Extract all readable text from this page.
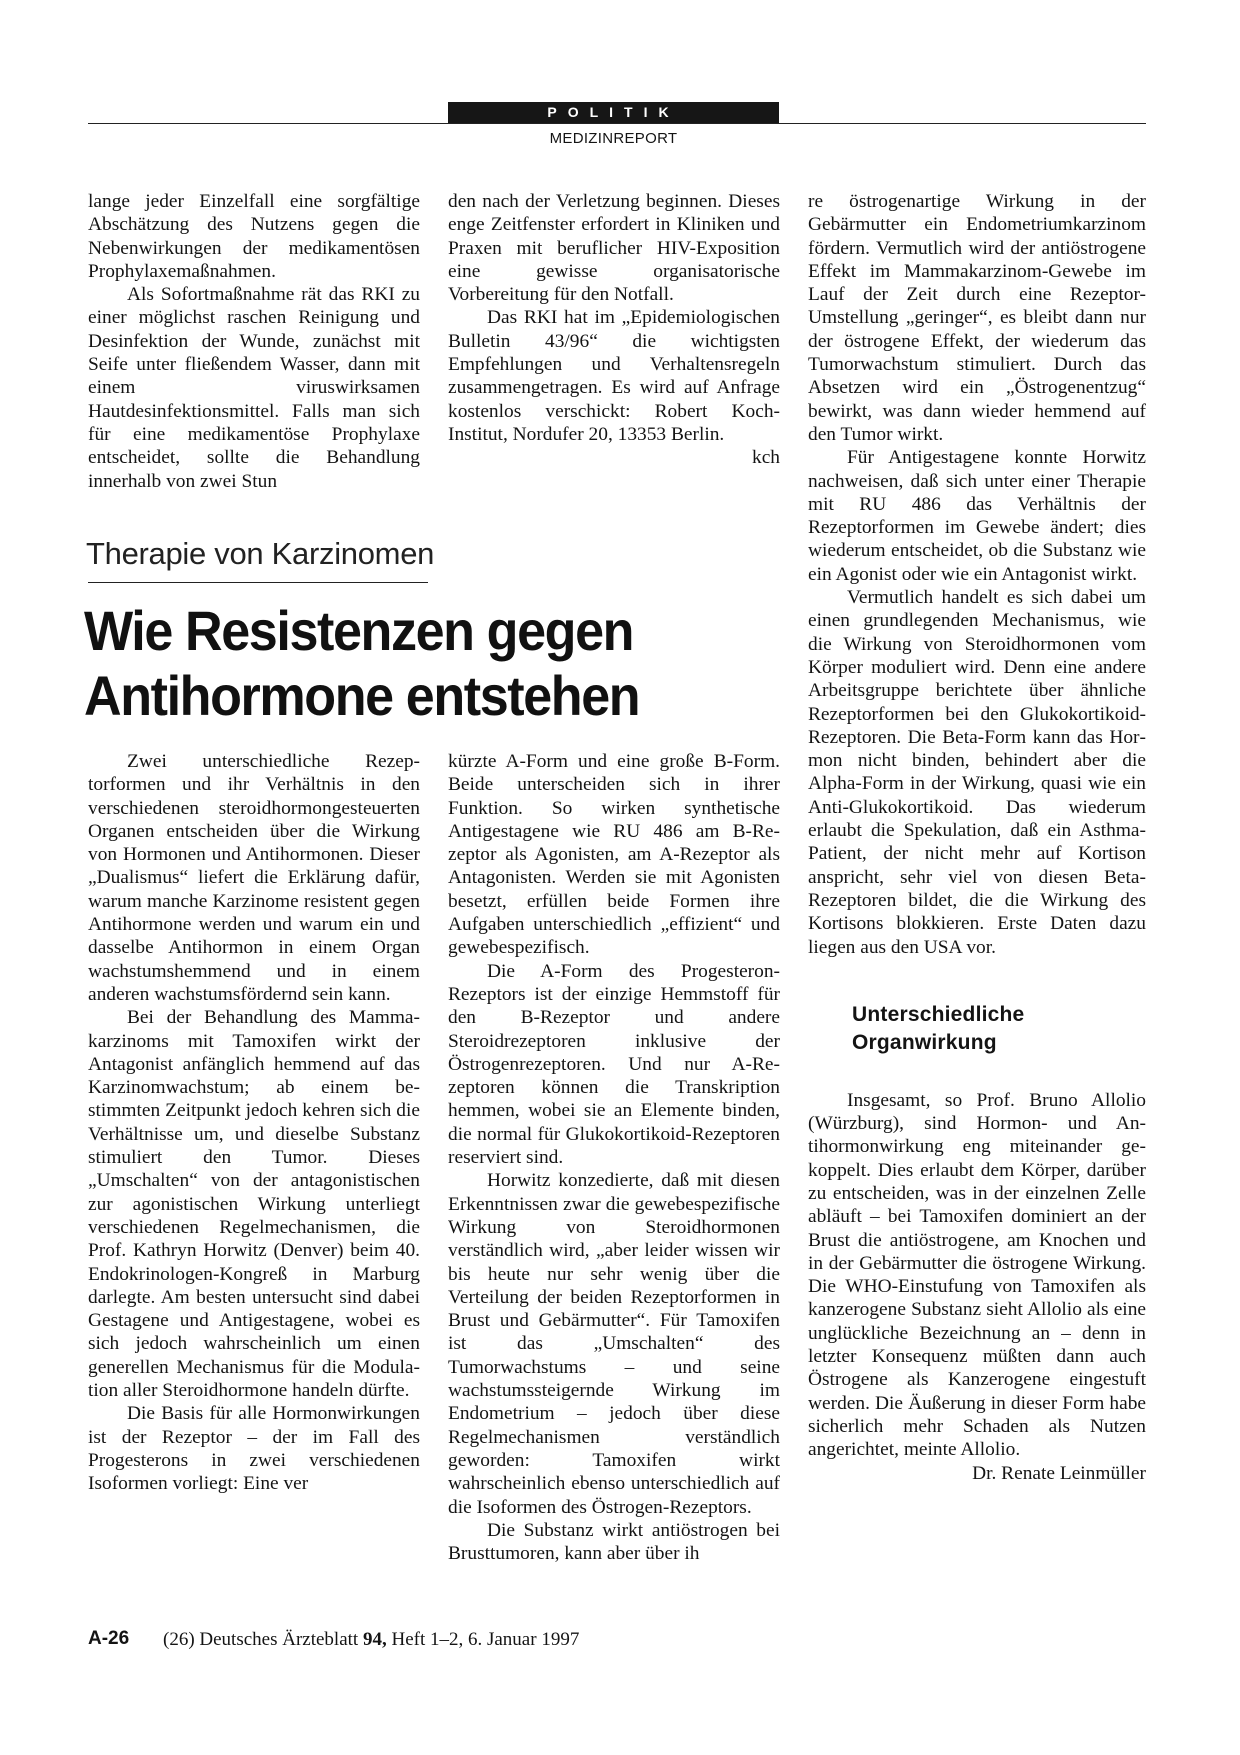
POLITIK
MEDIZINREPORT

lange jeder Einzelfall eine sorgfältige Abschätzung des Nutzens gegen die Nebenwirkungen der medikamentösen Prophylaxemaßnahmen.

Als Sofortmaßnahme rät das RKI zu einer möglichst raschen Reinigung und Desinfektion der Wunde, zunächst mit Seife unter fließendem Wasser, dann mit einem viruswirksamen Hautdesinfektionsmittel. Falls man sich für eine medikamentöse Prophylaxe entscheidet, sollte die Behandlung innerhalb von zwei Stun

den nach der Verletzung beginnen. Dieses enge Zeitfenster erfordert in Kliniken und Praxen mit beruflicher HIV-Exposition eine gewisse organisatorische Vorbereitung für den Notfall.

Das RKI hat im „Epidemiologischen Bulletin 43/96“ die wichtigsten Empfehlungen und Verhaltensregeln zusammengetragen. Es wird auf Anfrage kostenlos verschickt: Robert Koch-Institut, Nordufer 20, 13353 Berlin.
kch

Therapie von Karzinomen
Wie Resistenzen gegen
Antihormone entstehen

Zwei unterschiedliche Rezeptorformen und ihr Verhältnis in den verschiedenen steroidhormongesteuerten Organen entscheiden über die Wirkung von Hormonen und Antihormonen. Dieser „Dualismus“ liefert die Erklärung dafür, warum manche Karzinome resistent gegen Antihormone werden und warum ein und dasselbe Antihormon in einem Organ wachstumshemmend und in einem anderen wachstumsfördernd sein kann.

Bei der Behandlung des Mammakarzinoms mit Tamoxifen wirkt der Antagonist anfänglich hemmend auf das Karzinomwachstum; ab einem bestimmten Zeitpunkt jedoch kehren sich die Verhältnisse um, und dieselbe Substanz stimuliert den Tumor. Dieses „Umschalten“ von der antagonistischen zur agonistischen Wirkung unterliegt verschiedenen Regelmechanismen, die Prof. Kathryn Horwitz (Denver) beim 40. Endokrinologen-Kongreß in Marburg darlegte. Am besten untersucht sind dabei Gestagene und Antigestagene, wobei es sich jedoch wahrscheinlich um einen generellen Mechanismus für die Modulation aller Steroidhormone handeln dürfte.

Die Basis für alle Hormonwirkungen ist der Rezeptor – der im Fall des Progesterons in zwei verschiedenen Isoformen vorliegt: Eine ver

kürzte A-Form und eine große B-Form. Beide unterscheiden sich in ihrer Funktion. So wirken synthetische Antigestagene wie RU 486 am B-Rezeptor als Agonisten, am A-Rezeptor als Antagonisten. Werden sie mit Agonisten besetzt, erfüllen beide Formen ihre Aufgaben unterschiedlich „effizient“ und gewebespezifisch.

Die A-Form des Progesteron-Rezeptors ist der einzige Hemmstoff für den B-Rezeptor und andere Steroidrezeptoren inklusive der Östrogenrezeptoren. Und nur A-Rezeptoren können die Transkription hemmen, wobei sie an Elemente binden, die normal für Glukokortikoid-Rezeptoren reserviert sind.

Horwitz konzedierte, daß mit diesen Erkenntnissen zwar die gewebespezifische Wirkung von Steroidhormonen verständlich wird, „aber leider wissen wir bis heute nur sehr wenig über die Verteilung der beiden Rezeptorformen in Brust und Gebärmutter“. Für Tamoxifen ist das „Umschalten“ des Tumorwachstums – und seine wachstumssteigernde Wirkung im Endometrium – jedoch über diese Regelmechanismen verständlich geworden: Tamoxifen wirkt wahrscheinlich ebenso unterschiedlich auf die Isoformen des Östrogen-Rezeptors.

Die Substanz wirkt antiöstrogen bei Brusttumoren, kann aber über ih

re östrogenartige Wirkung in der Gebärmutter ein Endometriumkarzinom fördern. Vermutlich wird der antiöstrogene Effekt im Mammakarzinom-Gewebe im Lauf der Zeit durch eine Rezeptor-Umstellung „geringer“, es bleibt dann nur der östrogene Effekt, der wiederum das Tumorwachstum stimuliert. Durch das Absetzen wird ein „Östrogenentzug“ bewirkt, was dann wieder hemmend auf den Tumor wirkt.

Für Antigestagene konnte Horwitz nachweisen, daß sich unter einer Therapie mit RU 486 das Verhältnis der Rezeptorformen im Gewebe ändert; dies wiederum entscheidet, ob die Substanz wie ein Agonist oder wie ein Antagonist wirkt.

Vermutlich handelt es sich dabei um einen grundlegenden Mechanismus, wie die Wirkung von Steroidhormonen vom Körper moduliert wird. Denn eine andere Arbeitsgruppe berichtete über ähnliche Rezeptorformen bei den Glukokortikoid-Rezeptoren. Die Beta-Form kann das Hormon nicht binden, behindert aber die Alpha-Form in der Wirkung, quasi wie ein Anti-Glukokortikoid. Das wiederum erlaubt die Spekulation, daß ein Asthma-Patient, der nicht mehr auf Kortison anspricht, sehr viel von diesen Beta-Rezeptoren bildet, die die Wirkung des Kortisons blokkieren. Erste Daten dazu liegen aus den USA vor.

Unterschiedliche
Organwirkung

Insgesamt, so Prof. Bruno Allolio (Würzburg), sind Hormon- und Antihormonwirkung eng miteinander gekoppelt. Dies erlaubt dem Körper, darüber zu entscheiden, was in der einzelnen Zelle abläuft – bei Tamoxifen dominiert an der Brust die antiöstrogene, am Knochen und in der Gebärmutter die östrogene Wirkung. Die WHO-Einstufung von Tamoxifen als kanzerogene Substanz sieht Allolio als eine unglückliche Bezeichnung an – denn in letzter Konsequenz müßten dann auch Östrogene als Kanzerogene eingestuft werden. Die Äußerung in dieser Form habe sicherlich mehr Schaden als Nutzen angerichtet, meinte Allolio.
Dr. Renate Leinmüller

A-26 (26) Deutsches Ärzteblatt 94, Heft 1–2, 6. Januar 1997
